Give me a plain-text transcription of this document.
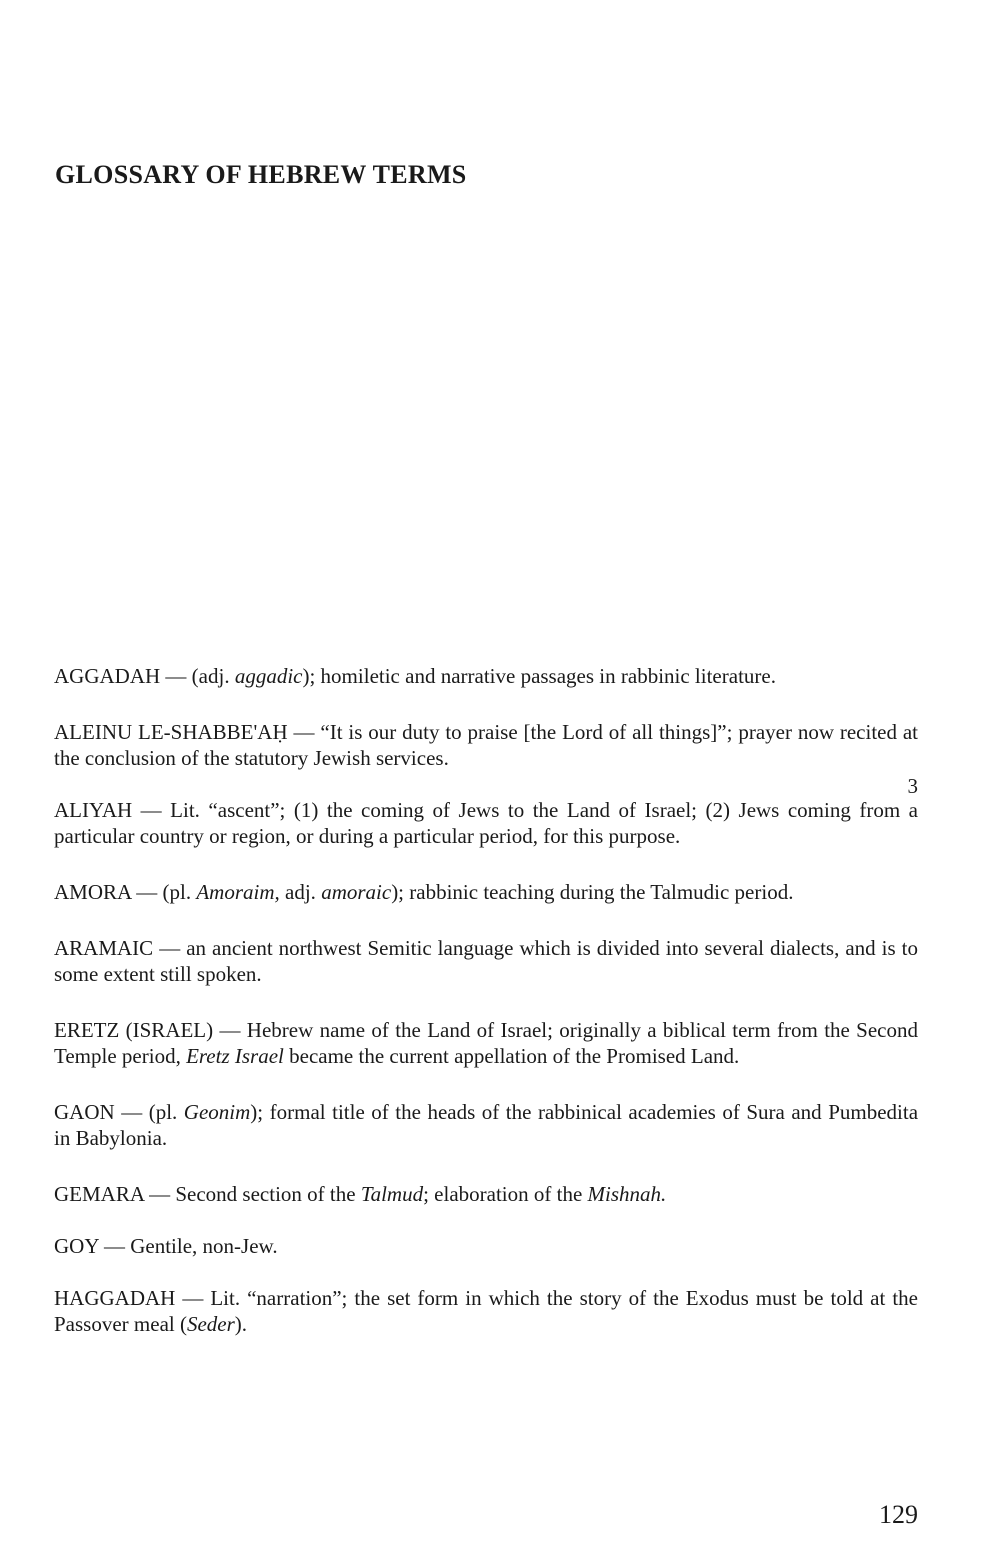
GLOSSARY OF HEBREW TERMS

AGGADAH — (adj. aggadic); homiletic and narrative passages in rabbinic literature.

ALEINU LE-SHABBE'AḤ — “It is our duty to praise [the Lord of all things]”; prayer now recited at the conclusion of the statutory Jewish services.

3

ALIYAH — Lit. “ascent”; (1) the coming of Jews to the Land of Israel; (2) Jews coming from a particular country or region, or during a particular period, for this purpose.

AMORA — (pl. Amoraim, adj. amoraic); rabbinic teaching during the Talmudic period.

ARAMAIC — an ancient northwest Semitic language which is divided into several dialects, and is to some extent still spoken.

ERETZ (ISRAEL) — Hebrew name of the Land of Israel; originally a biblical term from the Second Temple period, Eretz Israel became the current appellation of the Promised Land.

GAON — (pl. Geonim); formal title of the heads of the rabbinical academies of Sura and Pumbedita in Babylonia.

GEMARA — Second section of the Talmud; elaboration of the Mishnah.

GOY — Gentile, non-Jew.

HAGGADAH — Lit. “narration”; the set form in which the story of the Exodus must be told at the Passover meal (Seder).

129
